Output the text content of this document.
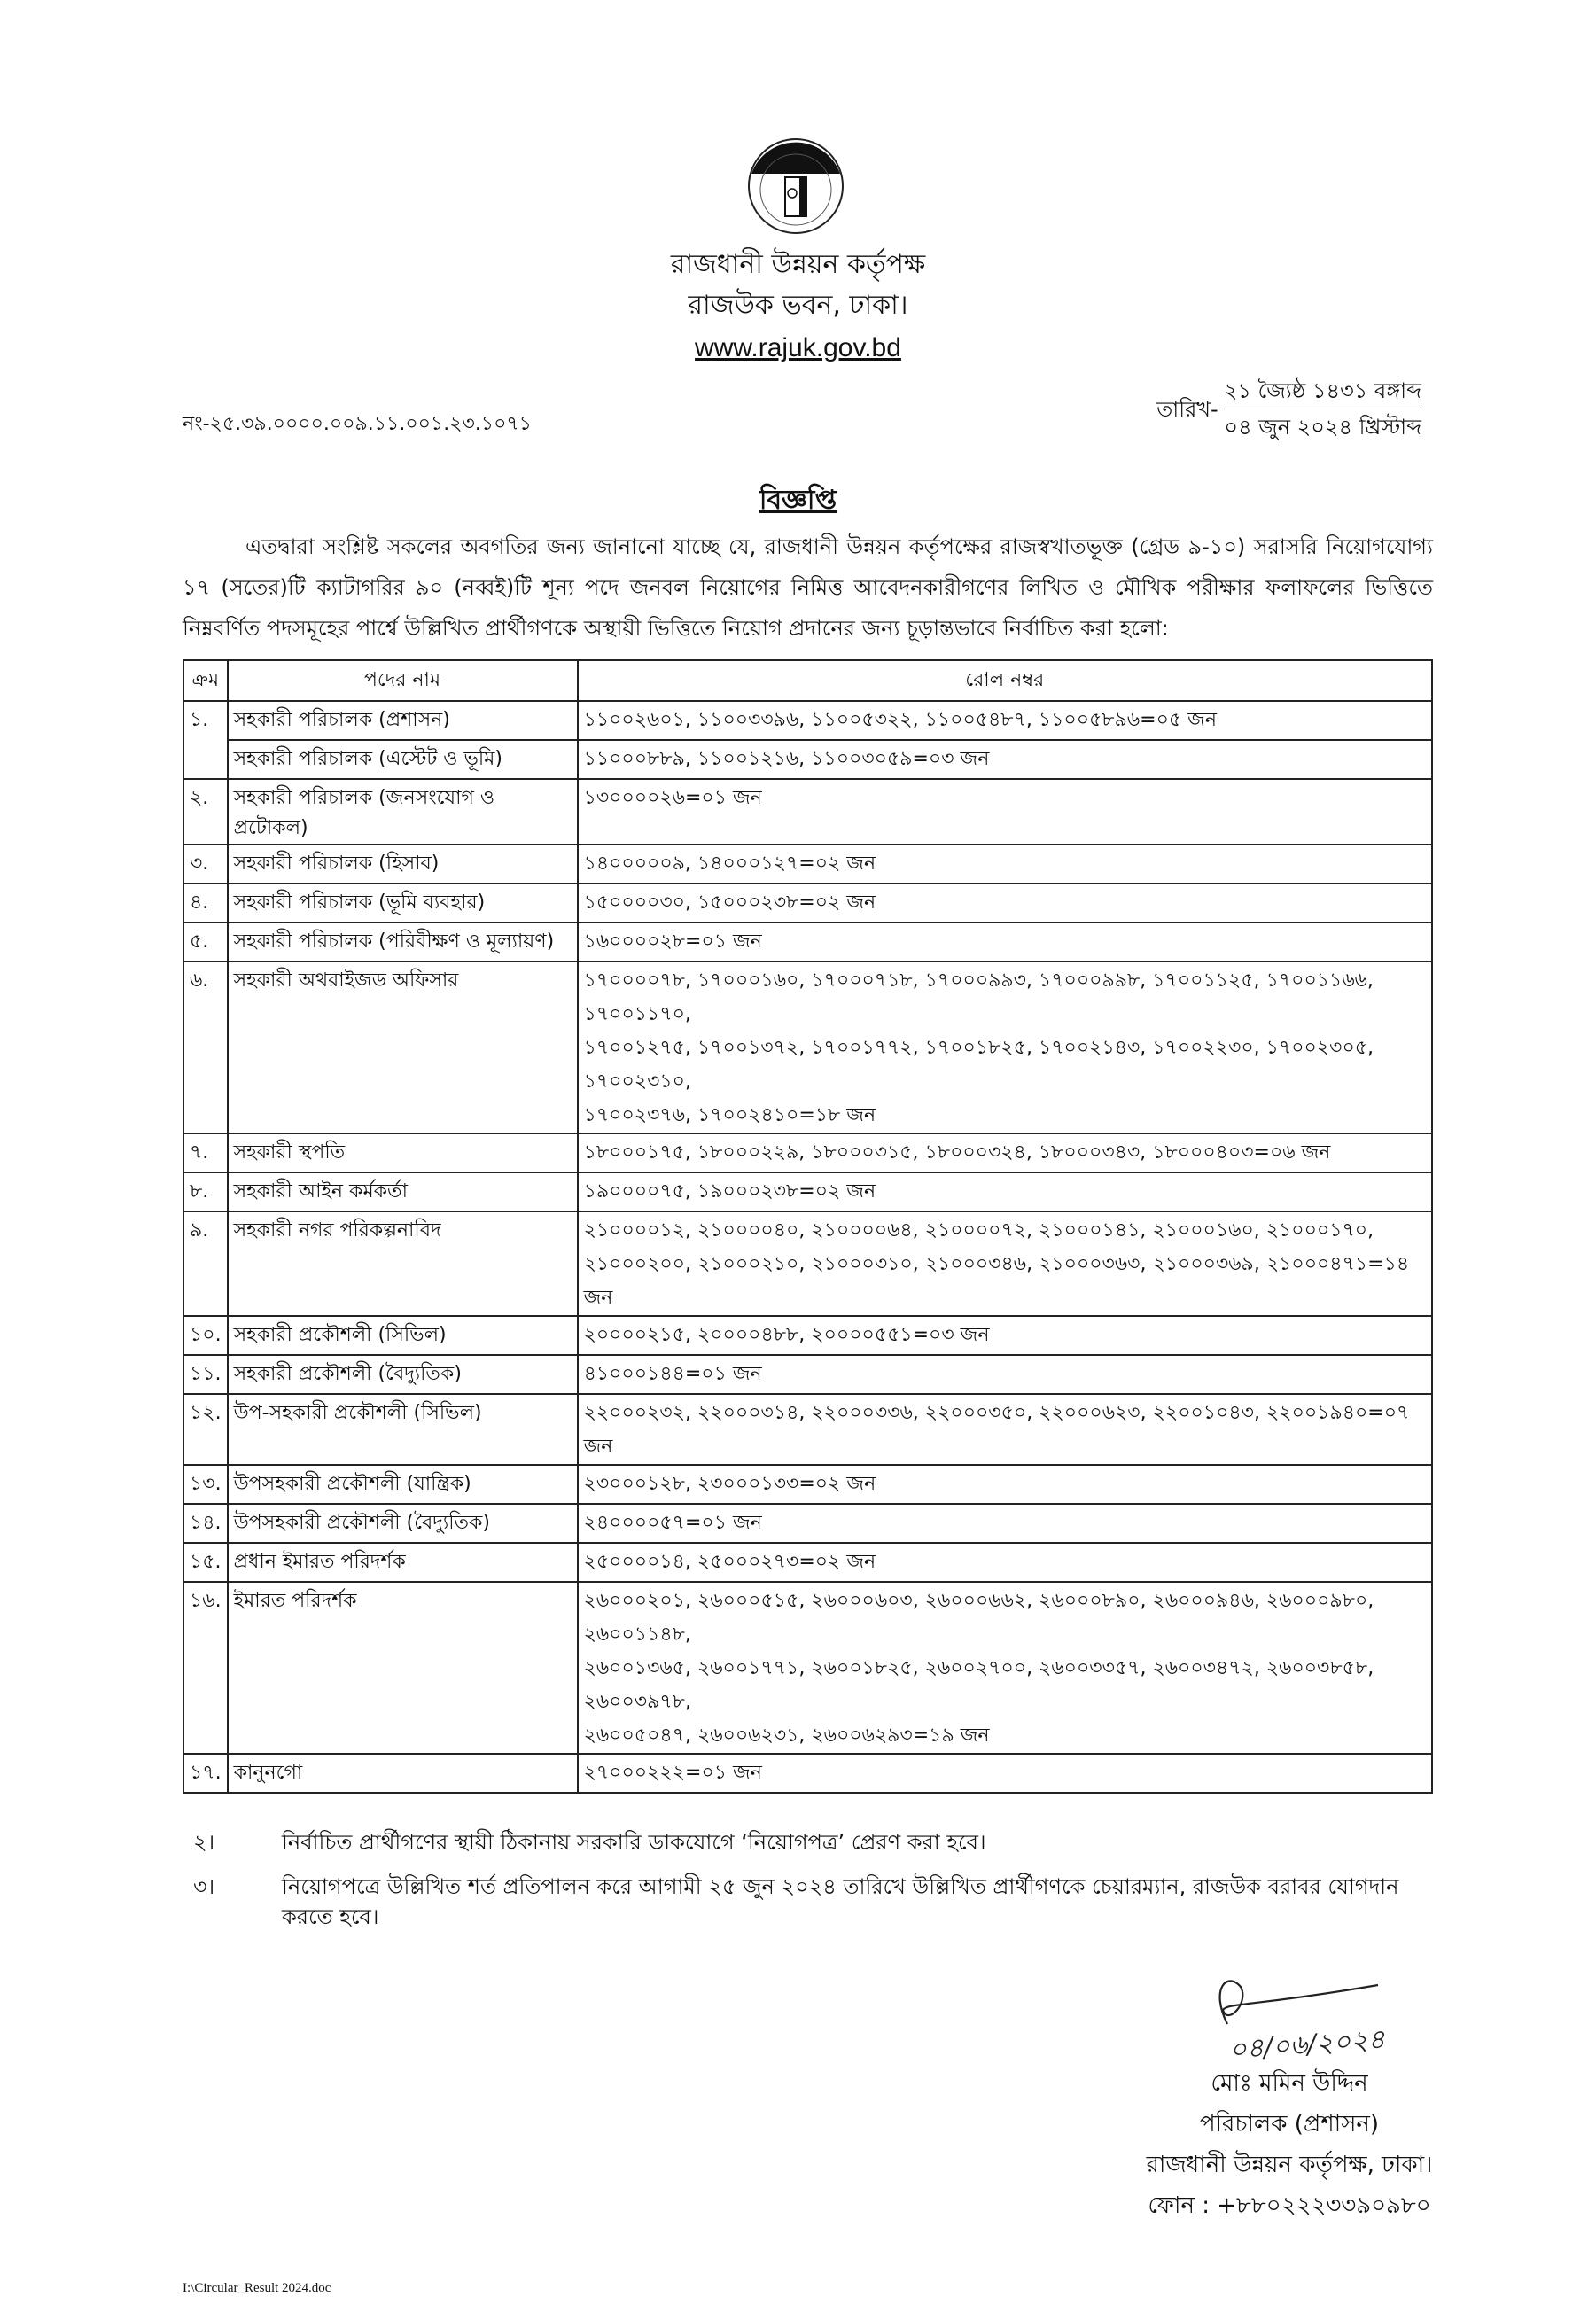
রাজধানী উন্নয়ন কর্তৃপক্ষ
রাজউক ভবন, ঢাকা।
www.rajuk.gov.bd
নং-২৫.৩৯.০০০০.০০৯.১১.০০১.২৩.১০৭১
তারিখ-
২১ জ্যৈষ্ঠ ১৪৩১ বঙ্গাব্দ
০৪ জুন ২০২৪ খ্রিস্টাব্দ
বিজ্ঞপ্তি

এতদ্বারা সংশ্লিষ্ট সকলের অবগতির জন্য জানানো যাচ্ছে যে, রাজধানী উন্নয়ন কর্তৃপক্ষের রাজস্বখাতভূক্ত (গ্রেড ৯-১০) সরাসরি নিয়োগযোগ্য ১৭ (সতের)টি ক্যাটাগরির ৯০ (নব্বই)টি শূন্য পদে জনবল নিয়োগের নিমিত্ত আবেদনকারীগণের লিখিত ও মৌখিক পরীক্ষার ফলাফলের ভিত্তিতে নিম্নবর্ণিত পদসমূহের পার্শ্বে উল্লিখিত প্রার্থীগণকে অস্থায়ী ভিত্তিতে নিয়োগ প্রদানের জন্য চূড়ান্তভাবে নির্বাচিত করা হলো:

ক্রম	পদের নাম	রোল নম্বর
১.	সহকারী পরিচালক (প্রশাসন)	১১০০২৬০১, ১১০০৩৩৯৬, ১১০০৫৩২২, ১১০০৫৪৮৭, ১১০০৫৮৯৬=০৫ জন

	সহকারী পরিচালক (এস্টেট ও ভূমি)	১১০০০৮৮৯, ১১০০১২১৬, ১১০০৩০৫৯=০৩ জন

২.	সহকারী পরিচালক (জনসংযোগ ও প্রটোকল)	১৩০০০০২৬=০১ জন

৩.	সহকারী পরিচালক (হিসাব)	১৪০০০০০৯, ১৪০০০১২৭=০২ জন

৪.	সহকারী পরিচালক (ভূমি ব্যবহার)	১৫০০০০৩০, ১৫০০০২৩৮=০২ জন

৫.	সহকারী পরিচালক (পরিবীক্ষণ ও মূল্যায়ণ)	১৬০০০০২৮=০১ জন

৬.	সহকারী অথরাইজড অফিসার	১৭০০০০৭৮, ১৭০০০১৬০, ১৭০০০৭১৮, ১৭০০০৯৯৩, ১৭০০০৯৯৮, ১৭০০১১২৫, ১৭০০১১৬৬, ১৭০০১১৭০,
১৭০০১২৭৫, ১৭০০১৩৭২, ১৭০০১৭৭২, ১৭০০১৮২৫, ১৭০০২১৪৩, ১৭০০২২৩০, ১৭০০২৩০৫, ১৭০০২৩১০,
১৭০০২৩৭৬, ১৭০০২৪১০=১৮ জন

৭.	সহকারী স্থপতি	১৮০০০১৭৫, ১৮০০০২২৯, ১৮০০০৩১৫, ১৮০০০৩২৪, ১৮০০০৩৪৩, ১৮০০০৪০৩=০৬ জন

৮.	সহকারী আইন কর্মকর্তা	১৯০০০০৭৫, ১৯০০০২৩৮=০২ জন

৯.	সহকারী নগর পরিকল্পনাবিদ	২১০০০০১২, ২১০০০০৪০, ২১০০০০৬৪, ২১০০০০৭২, ২১০০০১৪১, ২১০০০১৬০, ২১০০০১৭০,
২১০০০২০০, ২১০০০২১০, ২১০০০৩১০, ২১০০০৩৪৬, ২১০০০৩৬৩, ২১০০০৩৬৯, ২১০০০৪৭১=১৪ জন

১০.	সহকারী প্রকৌশলী (সিভিল)	২০০০০২১৫, ২০০০০৪৮৮, ২০০০০৫৫১=০৩ জন

১১.	সহকারী প্রকৌশলী (বৈদ্যুতিক)	৪১০০০১৪৪=০১ জন

১২.	উপ-সহকারী প্রকৌশলী (সিভিল)	২২০০০২৩২, ২২০০০৩১৪, ২২০০০৩৩৬, ২২০০০৩৫০, ২২০০০৬২৩, ২২০০১০৪৩, ২২০০১৯৪০=০৭ জন

১৩.	উপসহকারী প্রকৌশলী (যান্ত্রিক)	২৩০০০১২৮, ২৩০০০১৩৩=০২ জন

১৪.	উপসহকারী প্রকৌশলী (বৈদ্যুতিক)	২৪০০০০৫৭=০১ জন

১৫.	প্রধান ইমারত পরিদর্শক	২৫০০০০১৪, ২৫০০০২৭৩=০২ জন

১৬.	ইমারত পরিদর্শক	২৬০০০২০১, ২৬০০০৫১৫, ২৬০০০৬০৩, ২৬০০০৬৬২, ২৬০০০৮৯০, ২৬০০০৯৪৬, ২৬০০০৯৮০, ২৬০০১১৪৮,
২৬০০১৩৬৫, ২৬০০১৭৭১, ২৬০০১৮২৫, ২৬০০২৭০০, ২৬০০৩৩৫৭, ২৬০০৩৪৭২, ২৬০০৩৮৫৮, ২৬০০৩৯৭৮,
২৬০০৫০৪৭, ২৬০০৬২৩১, ২৬০০৬২৯৩=১৯ জন

১৭.	কানুনগো	২৭০০০২২২=০১ জন
২।	নির্বাচিত প্রার্থীগণের স্থায়ী ঠিকানায় সরকারি ডাকযোগে ‘নিয়োগপত্র’ প্রেরণ করা হবে।
৩।	নিয়োগপত্রে উল্লিখিত শর্ত প্রতিপালন করে আগামী ২৫ জুন ২০২৪ তারিখে উল্লিখিত প্রার্থীগণকে চেয়ারম্যান, রাজউক বরাবর যোগদান করতে হবে।
০৪/০৬/২০২৪
মোঃ মমিন উদ্দিন
পরিচালক (প্রশাসন)
রাজধানী উন্নয়ন কর্তৃপক্ষ, ঢাকা।
ফোন : +৮৮০২২২৩৩৯০৯৮০
I:\Circular_Result 2024.doc
